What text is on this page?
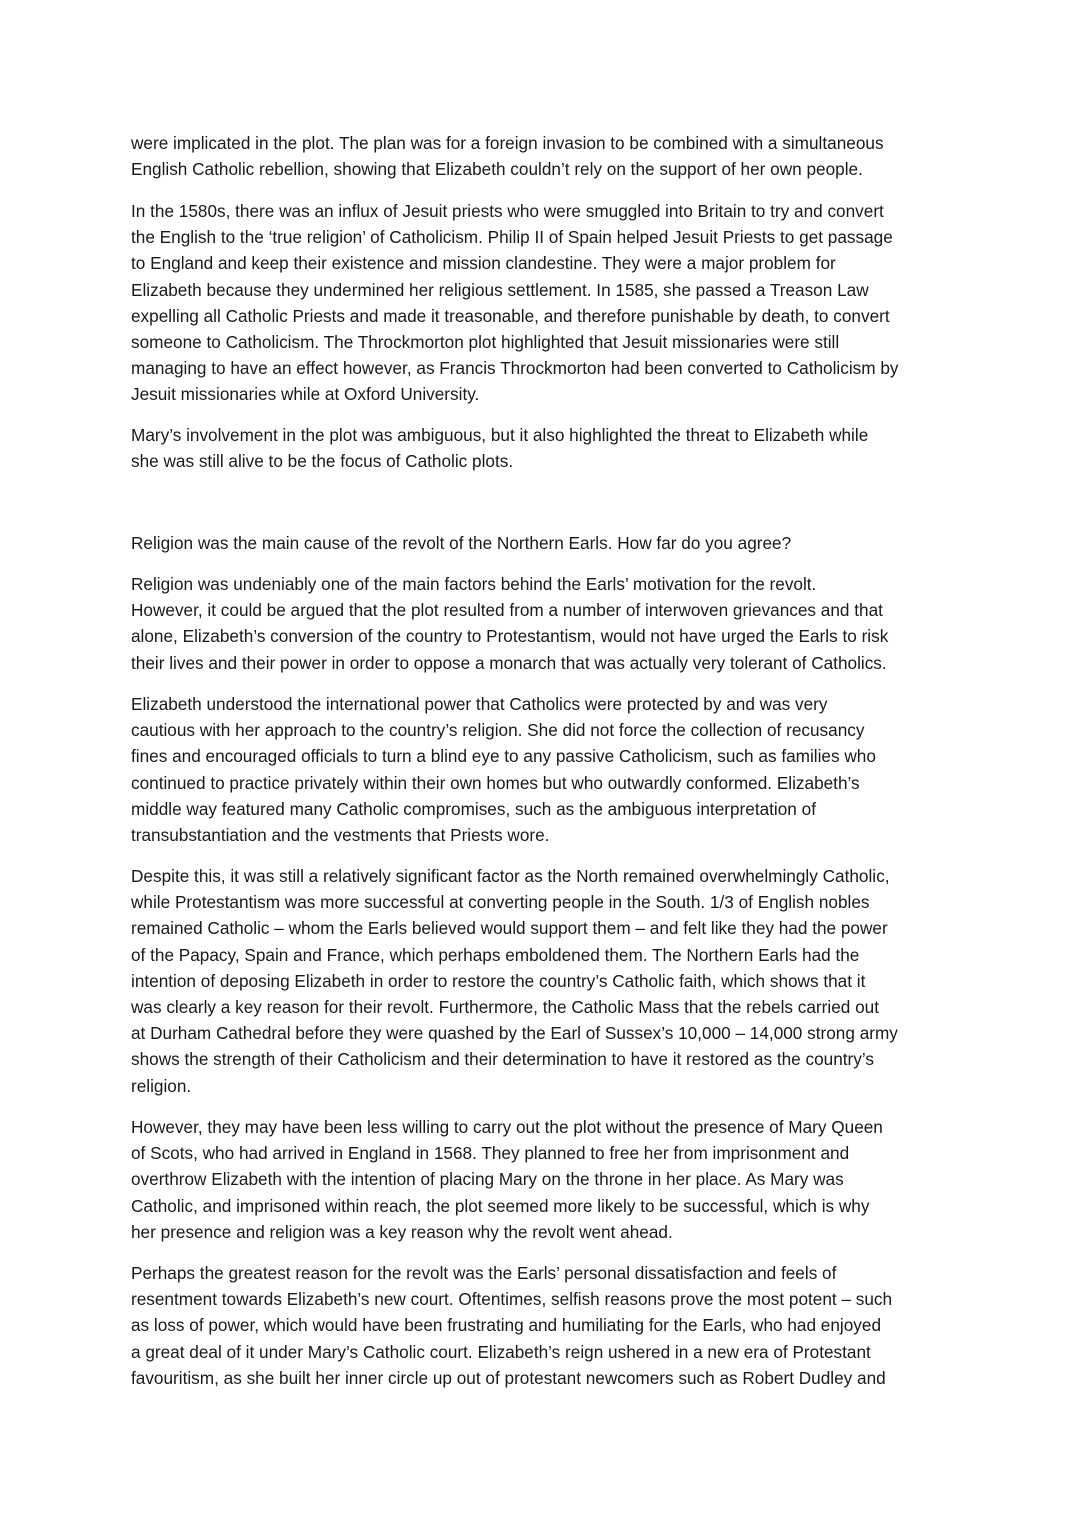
were implicated in the plot. The plan was for a foreign invasion to be combined with a simultaneous
English Catholic rebellion, showing that Elizabeth couldn’t rely on the support of her own people.
In the 1580s, there was an influx of Jesuit priests who were smuggled into Britain to try and convert
the English to the ‘true religion’ of Catholicism. Philip II of Spain helped Jesuit Priests to get passage
to England and keep their existence and mission clandestine. They were a major problem for
Elizabeth because they undermined her religious settlement. In 1585, she passed a Treason Law
expelling all Catholic Priests and made it treasonable, and therefore punishable by death, to convert
someone to Catholicism. The Throckmorton plot highlighted that Jesuit missionaries were still
managing to have an effect however, as Francis Throckmorton had been converted to Catholicism by
Jesuit missionaries while at Oxford University.
Mary’s involvement in the plot was ambiguous, but it also highlighted the threat to Elizabeth while
she was still alive to be the focus of Catholic plots.
Religion was the main cause of the revolt of the Northern Earls. How far do you agree?
Religion was undeniably one of the main factors behind the Earls’ motivation for the revolt.
However, it could be argued that the plot resulted from a number of interwoven grievances and that
alone, Elizabeth’s conversion of the country to Protestantism, would not have urged the Earls to risk
their lives and their power in order to oppose a monarch that was actually very tolerant of Catholics.
Elizabeth understood the international power that Catholics were protected by and was very
cautious with her approach to the country’s religion. She did not force the collection of recusancy
fines and encouraged officials to turn a blind eye to any passive Catholicism, such as families who
continued to practice privately within their own homes but who outwardly conformed. Elizabeth’s
middle way featured many Catholic compromises, such as the ambiguous interpretation of
transubstantiation and the vestments that Priests wore.
Despite this, it was still a relatively significant factor as the North remained overwhelmingly Catholic,
while Protestantism was more successful at converting people in the South. 1/3 of English nobles
remained Catholic – whom the Earls believed would support them – and felt like they had the power
of the Papacy, Spain and France, which perhaps emboldened them. The Northern Earls had the
intention of deposing Elizabeth in order to restore the country’s Catholic faith, which shows that it
was clearly a key reason for their revolt. Furthermore, the Catholic Mass that the rebels carried out
at Durham Cathedral before they were quashed by the Earl of Sussex’s 10,000 – 14,000 strong army
shows the strength of their Catholicism and their determination to have it restored as the country’s
religion.
However, they may have been less willing to carry out the plot without the presence of Mary Queen
of Scots, who had arrived in England in 1568. They planned to free her from imprisonment and
overthrow Elizabeth with the intention of placing Mary on the throne in her place. As Mary was
Catholic, and imprisoned within reach, the plot seemed more likely to be successful, which is why
her presence and religion was a key reason why the revolt went ahead.
Perhaps the greatest reason for the revolt was the Earls’ personal dissatisfaction and feels of
resentment towards Elizabeth’s new court. Oftentimes, selfish reasons prove the most potent – such
as loss of power, which would have been frustrating and humiliating for the Earls, who had enjoyed
a great deal of it under Mary’s Catholic court. Elizabeth’s reign ushered in a new era of Protestant
favouritism, as she built her inner circle up out of protestant newcomers such as Robert Dudley and
